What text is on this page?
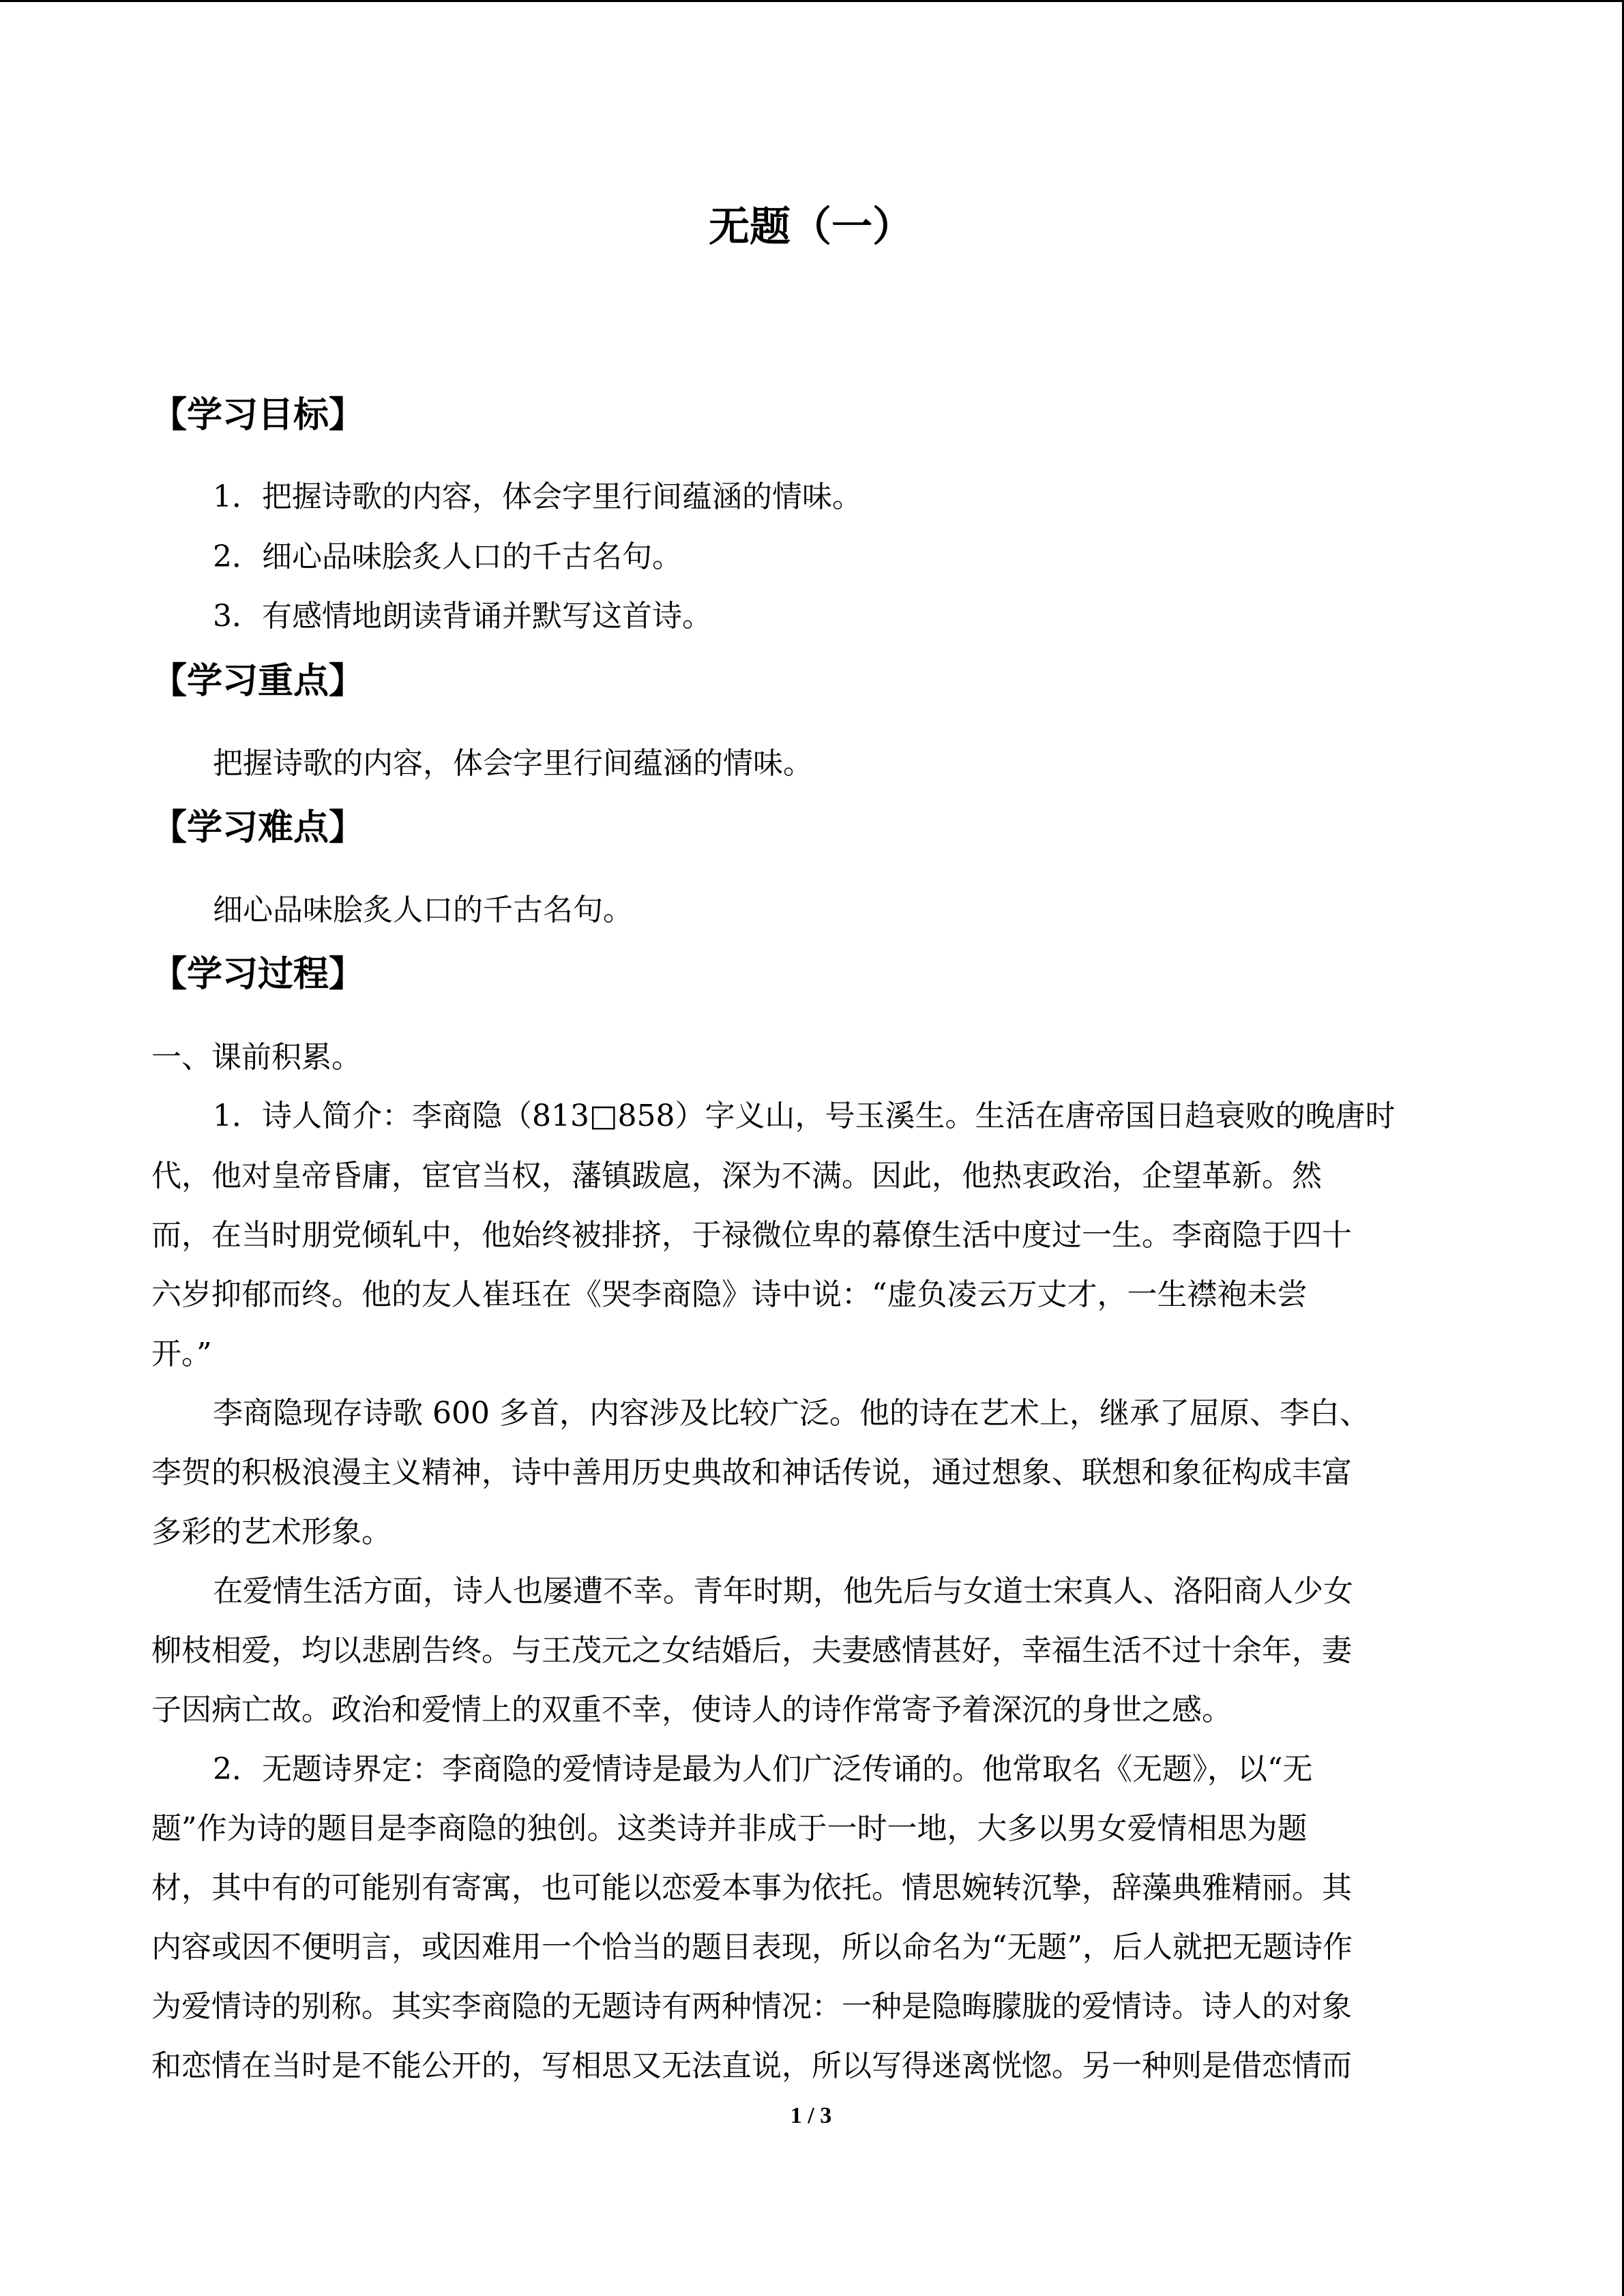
无题（一）
【学习目标】
1．把握诗歌的内容，体会字里行间蕴涵的情味。
2．细心品味脍炙人口的千古名句。
3．有感情地朗读背诵并默写这首诗。
【学习重点】
把握诗歌的内容，体会字里行间蕴涵的情味。
【学习难点】
细心品味脍炙人口的千古名句。
【学习过程】
一、课前积累。
1．诗人简介：李商隐（813□858）字义山，号玉溪生。生活在唐帝国日趋衰败的晚唐时
代，他对皇帝昏庸，宦官当权，藩镇跋扈，深为不满。因此，他热衷政治，企望革新。然
而，在当时朋党倾轧中，他始终被排挤，于禄微位卑的幕僚生活中度过一生。李商隐于四十
六岁抑郁而终。他的友人崔珏在《哭李商隐》诗中说：“虚负凌云万丈才，一生襟袍未尝
开。”
李商隐现存诗歌 600 多首，内容涉及比较广泛。他的诗在艺术上，继承了屈原、李白、
李贺的积极浪漫主义精神，诗中善用历史典故和神话传说，通过想象、联想和象征构成丰富
多彩的艺术形象。
在爱情生活方面，诗人也屡遭不幸。青年时期，他先后与女道士宋真人、洛阳商人少女
柳枝相爱，均以悲剧告终。与王茂元之女结婚后，夫妻感情甚好，幸福生活不过十余年，妻
子因病亡故。政治和爱情上的双重不幸，使诗人的诗作常寄予着深沉的身世之感。
2．无题诗界定：李商隐的爱情诗是最为人们广泛传诵的。他常取名《无题》，以“无
题”作为诗的题目是李商隐的独创。这类诗并非成于一时一地，大多以男女爱情相思为题
材，其中有的可能别有寄寓，也可能以恋爱本事为依托。情思婉转沉挚，辞藻典雅精丽。其
内容或因不便明言，或因难用一个恰当的题目表现，所以命名为“无题”，后人就把无题诗作
为爱情诗的别称。其实李商隐的无题诗有两种情况：一种是隐晦朦胧的爱情诗。诗人的对象
和恋情在当时是不能公开的，写相思又无法直说，所以写得迷离恍惚。另一种则是借恋情而
1 / 3
